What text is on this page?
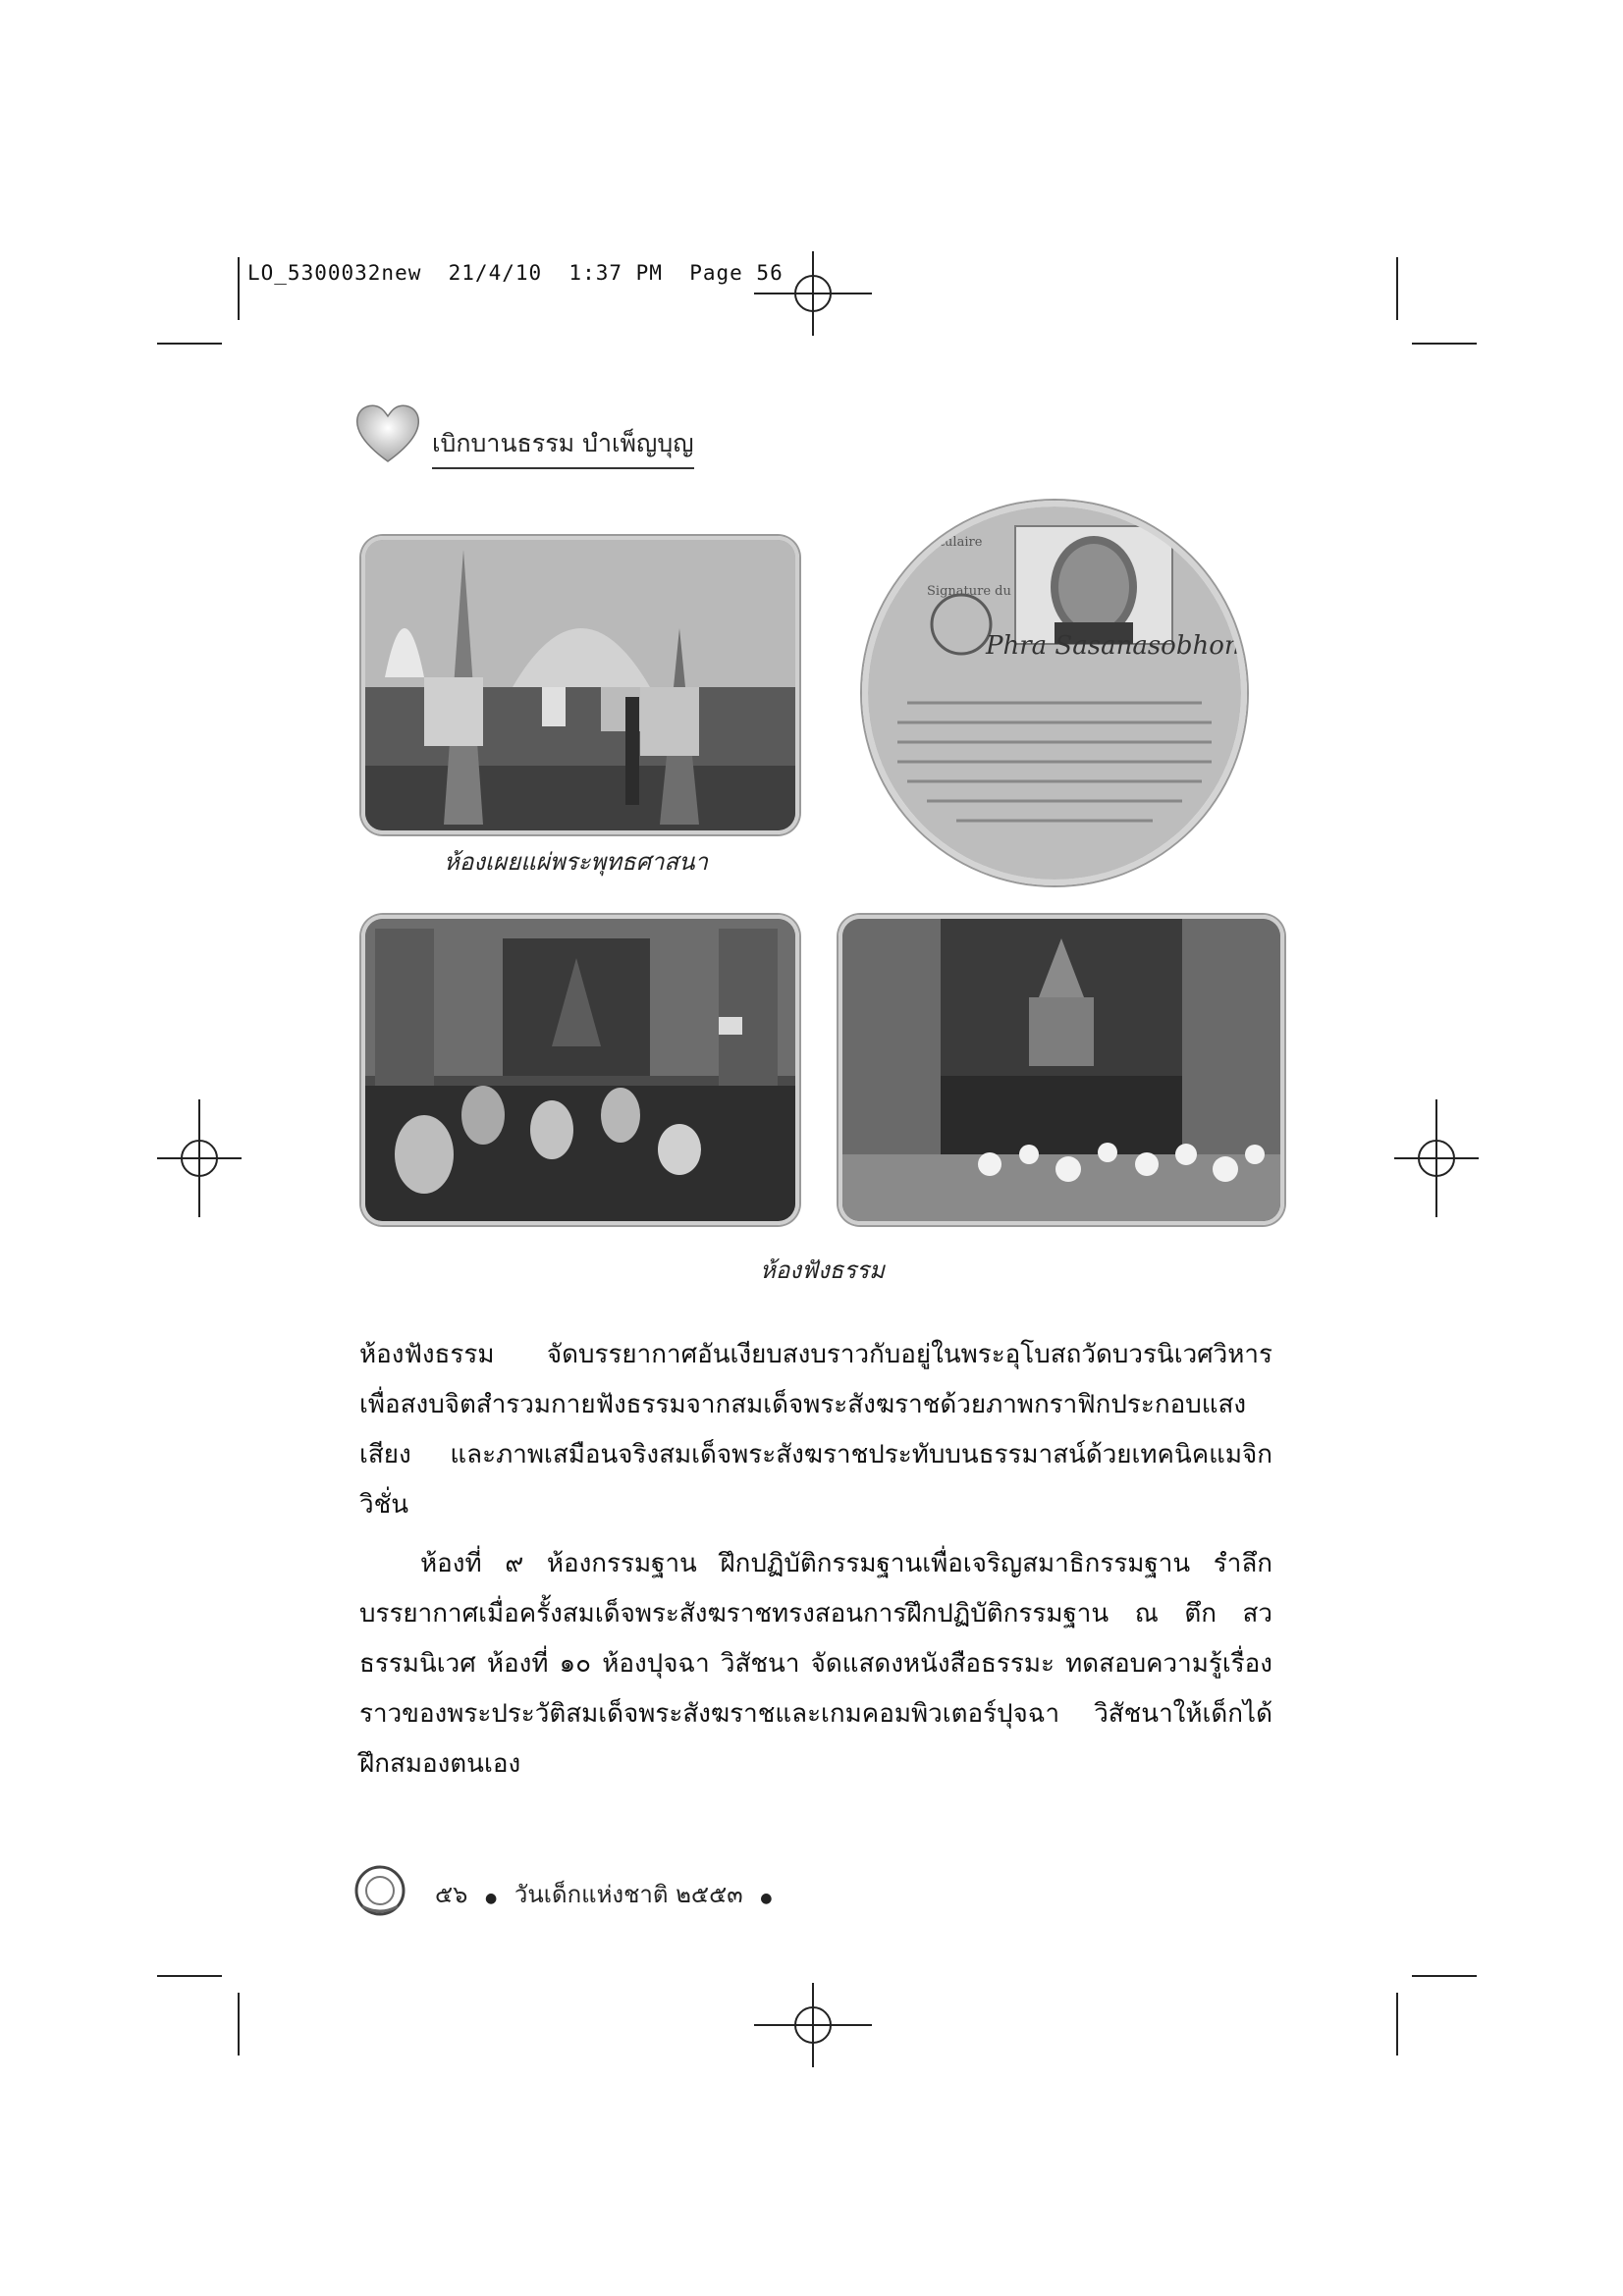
LO_5300032new  21/4/10  1:37 PM  Page 56
เบิกบานธรรม บำเพ็ญบุญ
Titulaire
Signature du
Phra Sasanasobhon
ห้องเผยแผ่พระพุทธศาสนา
ห้องฟังธรรม
ห้องฟังธรรม จัดบรรยากาศอันเงียบสงบราวกับอยู่ในพระอุโบสถวัดบวรนิเวศวิหาร เพื่อสงบจิตสำรวมกายฟังธรรมจากสมเด็จพระสังฆราชด้วยภาพกราฟิกประกอบแสง เสียง และภาพเสมือนจริงสมเด็จพระสังฆราชประทับบนธรรมาสน์ด้วยเทคนิคแมจิก วิชั่น
ห้องที่ ๙ ห้องกรรมฐาน ฝึกปฏิบัติกรรมฐานเพื่อเจริญสมาธิกรรมฐาน รำลึก บรรยากาศเมื่อครั้งสมเด็จพระสังฆราชทรงสอนการฝึกปฏิบัติกรรมฐาน ณ ตึก สว ธรรมนิเวศ ห้องที่ ๑๐ ห้องปุจฉา วิสัชนา จัดแสดงหนังสือธรรมะ ทดสอบความรู้เรื่อง ราวของพระประวัติสมเด็จพระสังฆราชและเกมคอมพิวเตอร์ปุจฉา วิสัชนาให้เด็กได้ ฝึกสมองตนเอง
๕๖ ● วันเด็กแห่งชาติ ๒๕๕๓ ●
